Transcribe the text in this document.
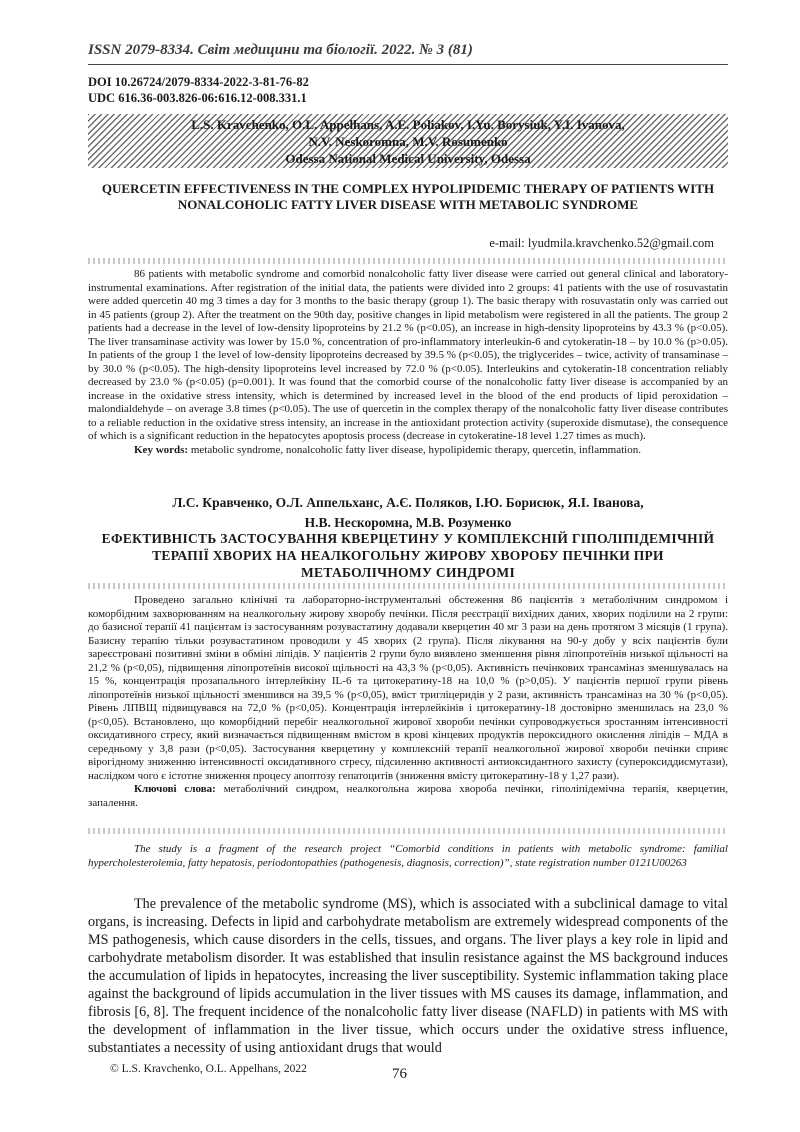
ISSN 2079-8334. Світ медицини та біології. 2022. № 3 (81)
DOI 10.26724/2079-8334-2022-3-81-76-82
UDC 616.36-003.826-06:616.12-008.331.1
L.S. Kravchenko, O.L. Appelhans, A.E. Poliakov, I.Yu. Borysiuk, Y.I. Ivanova,
N.V. Neskoromna, M.V. Rosumenko
Odessa National Medical University, Odessa
QUERCETIN EFFECTIVENESS IN THE COMPLEX HYPOLIPIDEMIC THERAPY OF PATIENTS WITH NONALCOHOLIC FATTY LIVER DISEASE WITH METABOLIC SYNDROME
e-mail: lyudmila.kravchenko.52@gmail.com

86 patients with metabolic syndrome and comorbid nonalcoholic fatty liver disease were carried out general clinical and laboratory-instrumental examinations. After registration of the initial data, the patients were divided into 2 groups: 41 patients with the use of rosuvastatin were added quercetin 40 mg 3 times a day for 3 months to the basic therapy (group 1). The basic therapy with rosuvastatin only was carried out in 45 patients (group 2). After the treatment on the 90th day, positive changes in lipid metabolism were registered in all the patients. The group 2 patients had a decrease in the level of low-density lipoproteins by 21.2 % (p<0.05), an increase in high-density lipoproteins by 43.3 % (p<0.05). The liver transaminase activity was lower by 15.0 %, concentration of pro-inflammatory interleukin-6 and cytokeratin-18 – by 10.0 % (p>0.05). In patients of the group 1 the level of low-density lipoproteins decreased by 39.5 % (p<0.05), the triglycerides – twice, activity of transaminase – by 30.0 % (p<0.05). The high-density lipoproteins level increased by 72.0 % (p<0.05). Interleukins and cytokeratin-18 concentration reliably decreased by 23.0 % (p<0.05) (p=0.001). It was found that the comorbid course of the nonalcoholic fatty liver disease is accompanied by an increase in the oxidative stress intensity, which is determined by increased level in the blood of the end products of lipid peroxidation – malondialdehyde – on average 3.8 times (p<0.05). The use of quercetin in the complex therapy of the nonalcoholic fatty liver disease contributes to a reliable reduction in the oxidative stress intensity, an increase in the antioxidant protection activity (superoxide dismutase), the consequence of which is a significant reduction in the hepatocytes apoptosis process (decrease in cytokeratine-18 level 1.27 times as much).

Key words: metabolic syndrome, nonalcoholic fatty liver disease, hypolipidemic therapy, quercetin, inflammation.

Л.С. Кравченко, О.Л. Аппельханс, А.Є. Поляков, І.Ю. Борисюк, Я.І. Іванова,
Н.В. Нескоромна, М.В. Розуменко
ЕФЕКТИВНІСТЬ ЗАСТОСУВАННЯ КВЕРЦЕТИНУ У КОМПЛЕКСНІЙ ГІПОЛІПІДЕМІЧНІЙ ТЕРАПІЇ ХВОРИХ НА НЕАЛКОГОЛЬНУ ЖИРОВУ ХВОРОБУ ПЕЧІНКИ ПРИ МЕТАБОЛІЧНОМУ СИНДРОМІ

Проведено загально клінічні та лабораторно-інструментальні обстеження 86 пацієнтів з метаболічним синдромом і коморбідним захворюванням на неалкогольну жирову хворобу печінки. Після реєстрації вихідних даних, хворих поділили на 2 групи: до базисної терапії 41 пацієнтам із застосуванням розувастатину додавали кверцетин 40 мг 3 рази на день протягом 3 місяців (1 група). Базисну терапію тільки розувастатином проводили у 45 хворих (2 група). Після лікування на 90-у добу у всіх пацієнтів були зареєстровані позитивні зміни в обміні ліпідів. У пацієнтів 2 групи було виявлено зменшення рівня ліпопротеїнів низької щільності на 21,2 % (p<0,05), підвищення ліпопротеїнів високої щільності на 43,3 % (p<0,05). Активність печінкових трансаміназ зменшувалась на 15 %, концентрація прозапального інтерлейкіну IL-6 та цитокератину-18 на 10,0 % (p>0,05). У пацієнтів першої групи рівень ліпопротеїнів низької щільності зменшився на 39,5 % (p<0,05), вміст тригліцеридів у 2 рази, активність трансаміназ на 30 % (p<0,05). Рівень ЛПВЩ підвищувався на 72,0 % (p<0,05). Концентрація інтерлейкінів і цитокератину-18 достовірно зменшилась на 23,0 % (p<0,05). Встановлено, що коморбідний перебіг неалкогольної жирової хвороби печінки супроводжується зростанням інтенсивності оксидативного стресу, який визначається підвищенням вмістом в крові кінцевих продуктів пероксидного окислення ліпідів – МДА в середньому у 3,8 рази (p<0,05). Застосування кверцетину у комплексній терапії неалкогольної жирової хвороби печінки сприяє вірогідному зниженню інтенсивності оксидативного стресу, підсиленню активності антиоксидантного захисту (супероксиддисмутази), наслідком чого є істотне зниження процесу апоптозу гепатоцитів (зниження вмісту цитокератину-18 у 1,27 рази).

Ключові слова: метаболічний синдром, неалкогольна жирова хвороба печінки, гіполіпідемічна терапія, кверцетин, запалення.

The study is a fragment of the research project “Comorbid conditions in patients with metabolic syndrome: familial hypercholesterolemia, fatty hepatosis, periodontopathies (pathogenesis, diagnosis, correction)”, state registration number 0121U00263

The prevalence of the metabolic syndrome (MS), which is associated with a subclinical damage to vital organs, is increasing. Defects in lipid and carbohydrate metabolism are extremely widespread components of the MS pathogenesis, which cause disorders in the cells, tissues, and organs. The liver plays a key role in lipid and carbohydrate metabolism disorder. It was established that insulin resistance against the MS background induces the accumulation of lipids in hepatocytes, increasing the liver susceptibility. Systemic inflammation taking place against the background of lipids accumulation in the liver tissues with MS causes its damage, inflammation, and fibrosis [6, 8]. The frequent incidence of the nonalcoholic fatty liver disease (NAFLD) in patients with MS with the development of inflammation in the liver tissue, which occurs under the oxidative stress influence, substantiates a necessity of using antioxidant drugs that would

© L.S. Kravchenko, O.L. Appelhans, 2022	76
